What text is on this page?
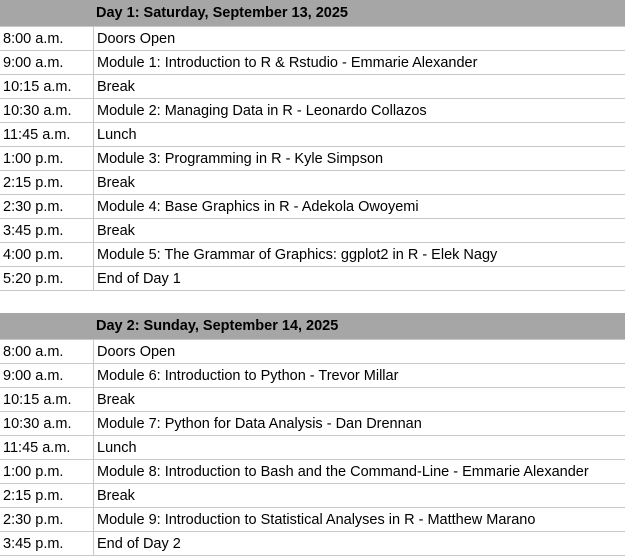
Day 1: Saturday, September 13, 2025
8:00 a.m.	Doors Open
9:00 a.m.	Module 1: Introduction to R & Rstudio - Emmarie Alexander
10:15 a.m.	Break
10:30 a.m.	Module 2: Managing Data in R - Leonardo Collazos
11:45 a.m.	Lunch
1:00 p.m.	Module 3: Programming in R - Kyle Simpson
2:15 p.m.	Break
2:30 p.m.	Module 4: Base Graphics in R - Adekola Owoyemi
3:45 p.m.	Break
4:00 p.m.	Module 5: The Grammar of Graphics: ggplot2 in R - Elek Nagy
5:20 p.m.	End of Day 1
Day 2: Sunday, September 14, 2025
8:00 a.m.	Doors Open
9:00 a.m.	Module 6: Introduction to Python - Trevor Millar
10:15 a.m.	Break
10:30 a.m.	Module 7: Python for Data Analysis - Dan Drennan
11:45 a.m.	Lunch
1:00 p.m.	Module 8: Introduction to Bash and the Command-Line - Emmarie Alexander
2:15 p.m.	Break
2:30 p.m.	Module 9: Introduction to Statistical Analyses in R - Matthew Marano
3:45 p.m.	End of Day 2
